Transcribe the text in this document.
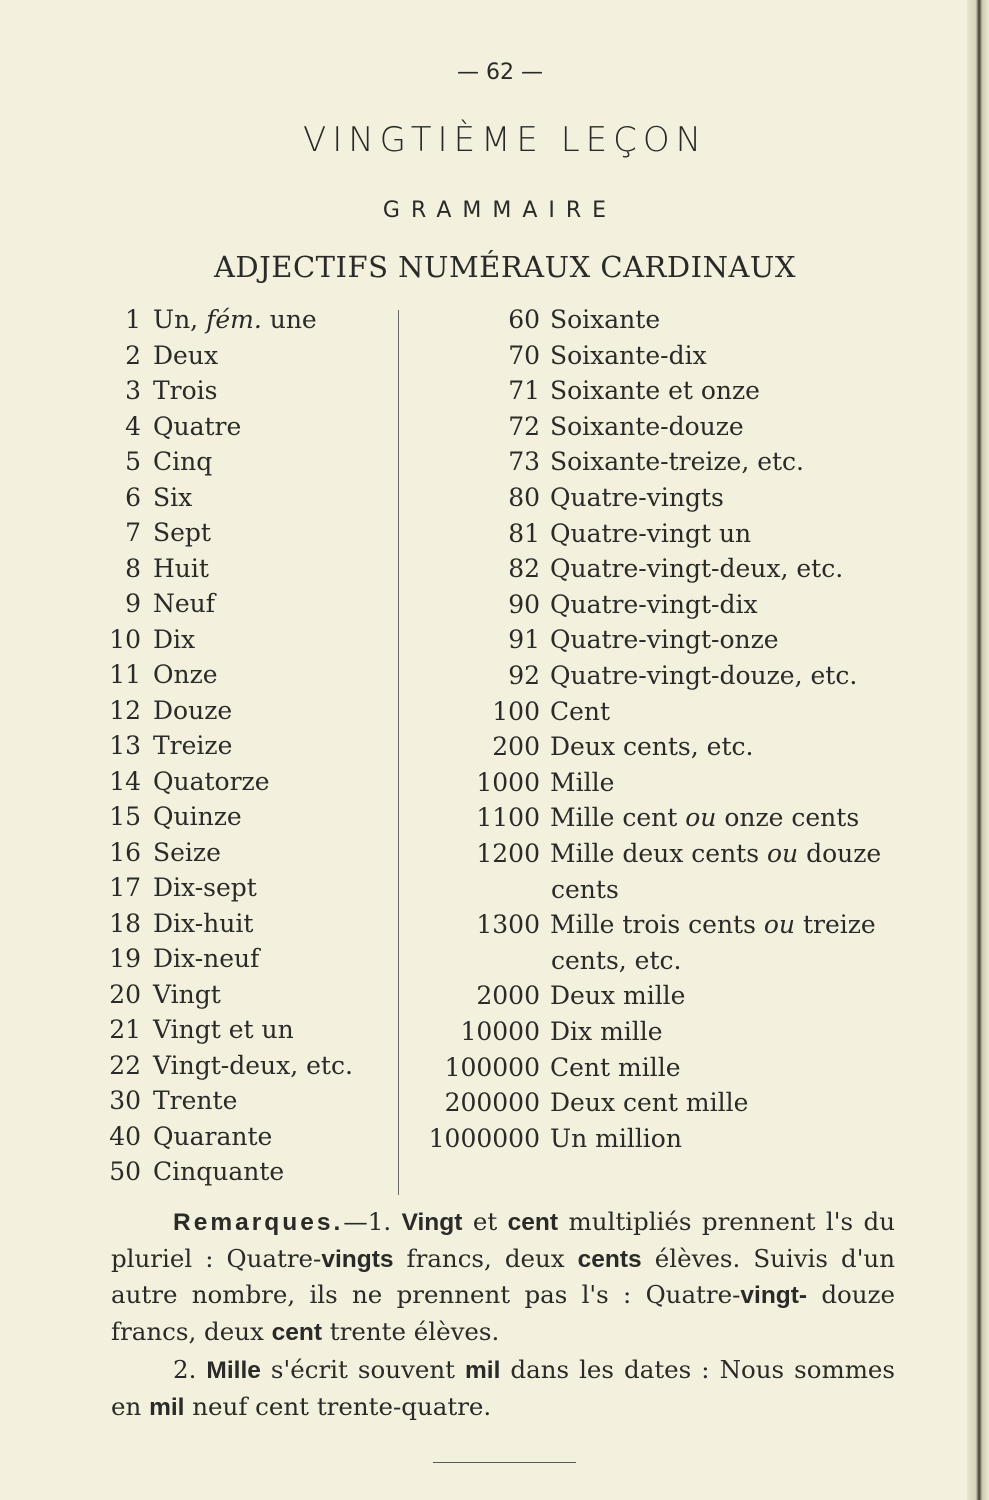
— 62 —
VINGTIÈME LEÇON
GRAMMAIRE
ADJECTIFS NUMÉRAUX CARDINAUX
1 Un, fém. une
2 Deux
3 Trois
4 Quatre
5 Cinq
6 Six
7 Sept
8 Huit
9 Neuf
10 Dix
11 Onze
12 Douze
13 Treize
14 Quatorze
15 Quinze
16 Seize
17 Dix-sept
18 Dix-huit
19 Dix-neuf
20 Vingt
21 Vingt et un
22 Vingt-deux, etc.
30 Trente
40 Quarante
50 Cinquante
60 Soixante
70 Soixante-dix
71 Soixante et onze
72 Soixante-douze
73 Soixante-treize, etc.
80 Quatre-vingts
81 Quatre-vingt un
82 Quatre-vingt-deux, etc.
90 Quatre-vingt-dix
91 Quatre-vingt-onze
92 Quatre-vingt-douze, etc.
100 Cent
200 Deux cents, etc.
1000 Mille
1100 Mille cent ou onze cents
1200 Mille deux cents ou douze
cents
1300 Mille trois cents ou treize
cents, etc.
2000 Deux mille
10000 Dix mille
100000 Cent mille
200000 Deux cent mille
1000000 Un million

Remarques.—1. Vingt et cent multipliés prennent l's du pluriel : Quatre-vingts francs, deux cents élèves. Suivis d'un autre nombre, ils ne prennent pas l's : Quatre-vingt- douze francs, deux cent trente élèves.

2. Mille s'écrit souvent mil dans les dates : Nous sommes en mil neuf cent trente-quatre.
